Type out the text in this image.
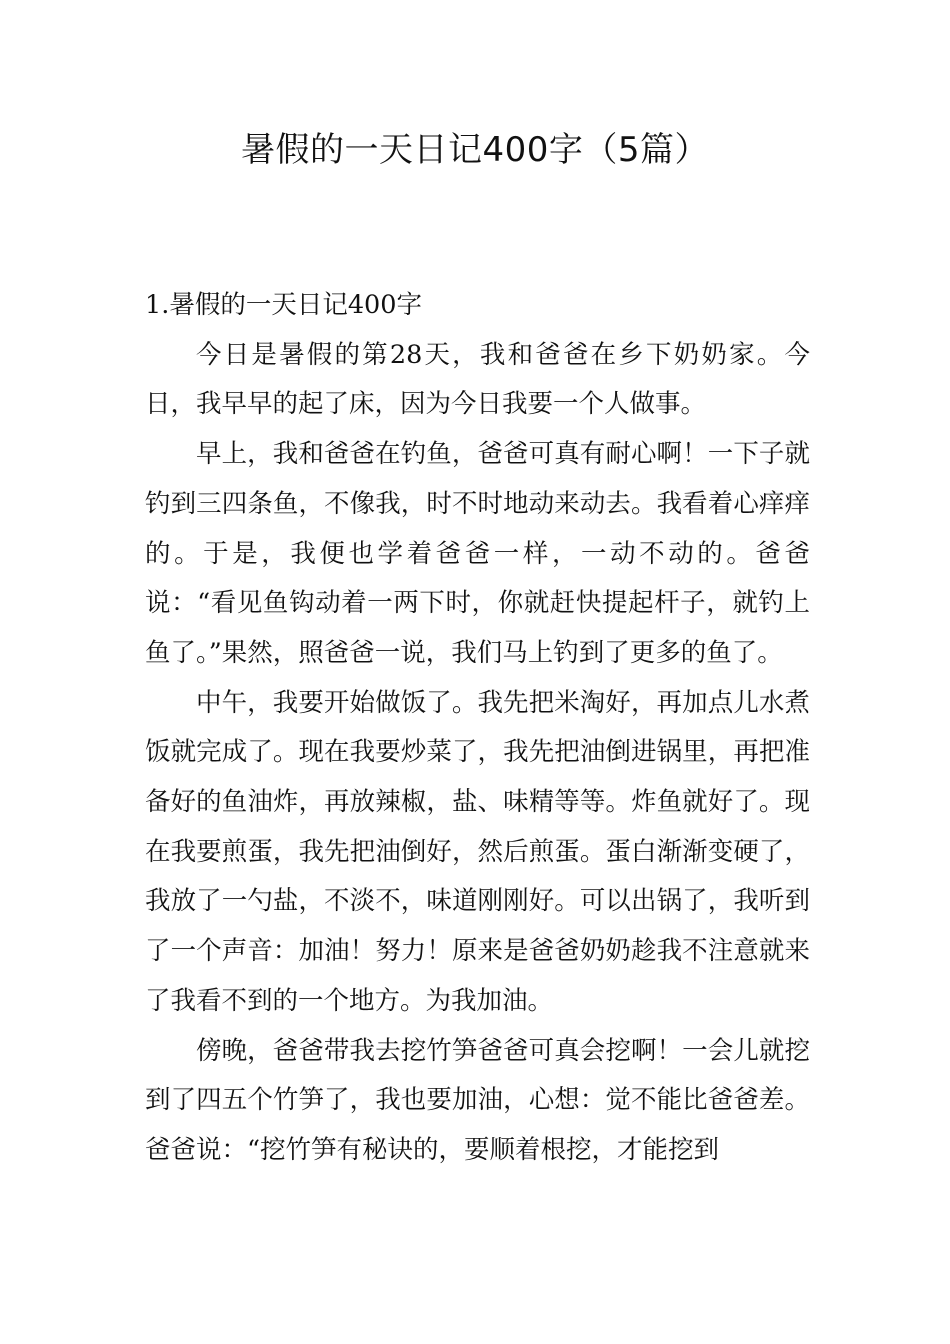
暑假的一天日记400字（5篇）
1.暑假的一天日记400字

今日是暑假的第28天，我和爸爸在乡下奶奶家。今日，我早早的起了床，因为今日我要一个人做事。

早上，我和爸爸在钓鱼，爸爸可真有耐心啊！一下子就钓到三四条鱼，不像我，时不时地动来动去。我看着心痒痒的。于是，我便也学着爸爸一样，一动不动的。爸爸说：“看见鱼钩动着一两下时，你就赶快提起杆子，就钓上鱼了。”果然，照爸爸一说，我们马上钓到了更多的鱼了。

中午，我要开始做饭了。我先把米淘好，再加点儿水煮饭就完成了。现在我要炒菜了，我先把油倒进锅里，再把准备好的鱼油炸，再放辣椒，盐、味精等等。炸鱼就好了。现在我要煎蛋，我先把油倒好，然后煎蛋。蛋白渐渐变硬了，我放了一勺盐，不淡不，味道刚刚好。可以出锅了，我听到了一个声音：加油！努力！原来是爸爸奶奶趁我不注意就来了我看不到的一个地方。为我加油。

傍晚，爸爸带我去挖竹笋爸爸可真会挖啊！一会儿就挖到了四五个竹笋了，我也要加油，心想：觉不能比爸爸差。爸爸说：“挖竹笋有秘诀的，要顺着根挖，才能挖到
